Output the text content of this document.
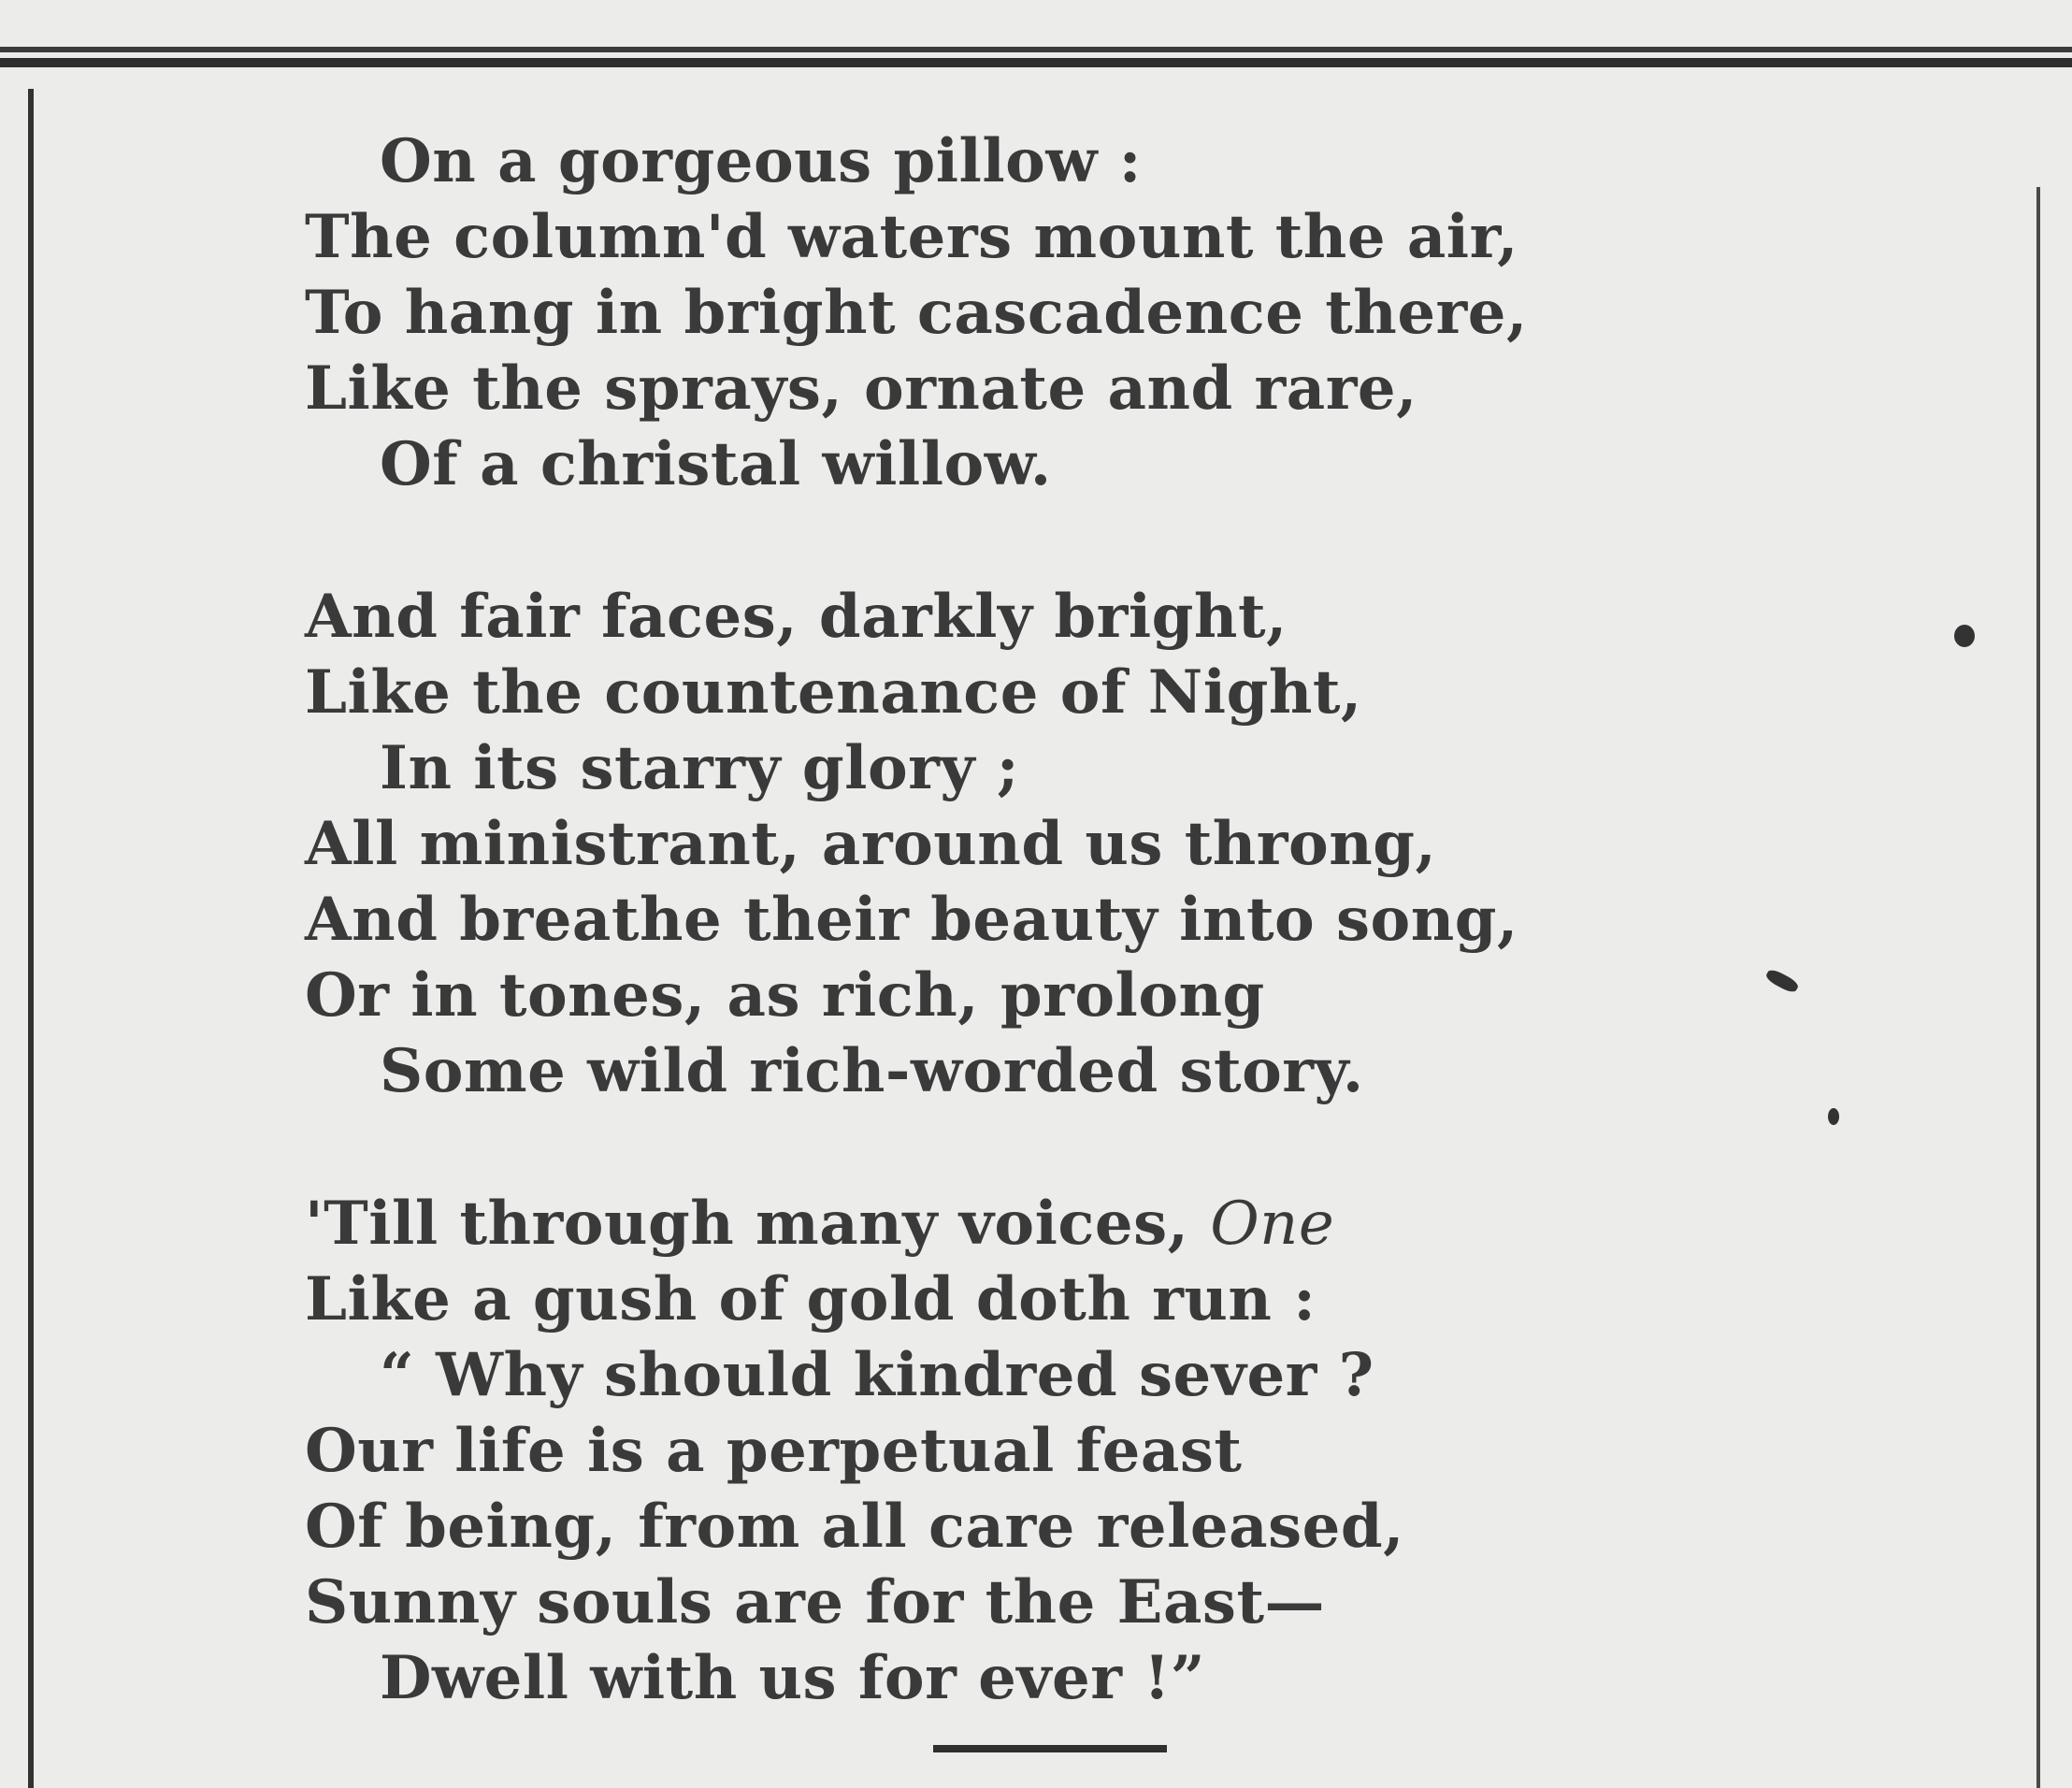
On a gorgeous pillow :
The column'd waters mount the air,
To hang in bright cascadence there,
Like the sprays, ornate and rare,
Of a christal willow.
And fair faces, darkly bright,
Like the countenance of Night,
In its starry glory ;
All ministrant, around us throng,
And breathe their beauty into song,
Or in tones, as rich, prolong
Some wild rich-worded story.
'Till through many voices, One
Like a gush of gold doth run :
“ Why should kindred sever ?
Our life is a perpetual feast
Of being, from all care released,
Sunny souls are for the East—
Dwell with us for ever !”
